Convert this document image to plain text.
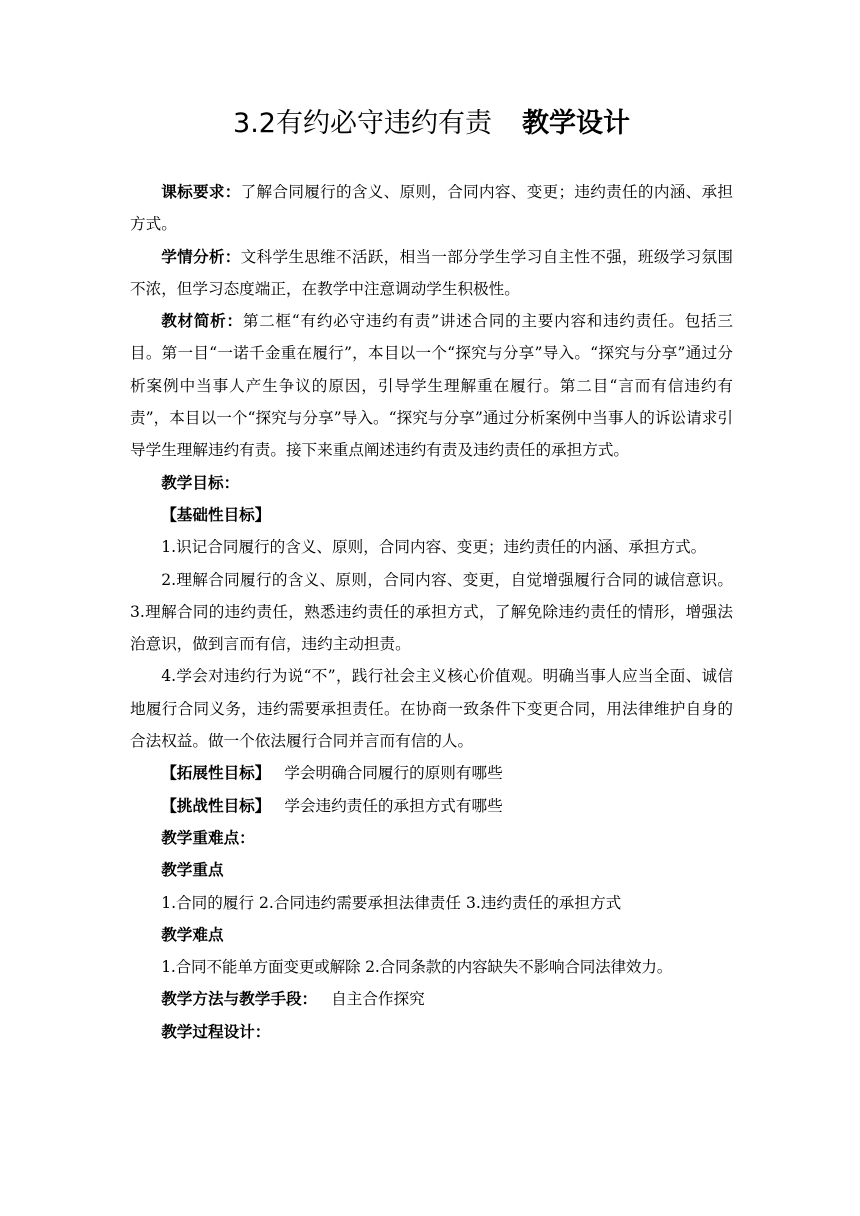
3.2有约必守违约有责 教学设计

课标要求：了解合同履行的含义、原则，合同内容、变更；违约责任的内涵、承担方式。

学情分析：文科学生思维不活跃，相当一部分学生学习自主性不强，班级学习氛围不浓，但学习态度端正，在教学中注意调动学生积极性。

教材简析：第二框“有约必守违约有责”讲述合同的主要内容和违约责任。包括三目。第一目“一诺千金重在履行”，本目以一个“探究与分享”导入。“探究与分享”通过分析案例中当事人产生争议的原因，引导学生理解重在履行。第二目“言而有信违约有责”，本目以一个“探究与分享”导入。“探究与分享”通过分析案例中当事人的诉讼请求引导学生理解违约有责。接下来重点阐述违约有责及违约责任的承担方式。

教学目标：

【基础性目标】

1.识记合同履行的含义、原则，合同内容、变更；违约责任的内涵、承担方式。

2.理解合同履行的含义、原则，合同内容、变更，自觉增强履行合同的诚信意识。3.理解合同的违约责任，熟悉违约责任的承担方式，了解免除违约责任的情形，增强法治意识，做到言而有信，违约主动担责。

4.学会对违约行为说“不”，践行社会主义核心价值观。明确当事人应当全面、诚信地履行合同义务，违约需要承担责任。在协商一致条件下变更合同，用法律维护自身的合法权益。做一个依法履行合同并言而有信的人。

【拓展性目标】 学会明确合同履行的原则有哪些

【挑战性目标】 学会违约责任的承担方式有哪些

教学重难点：

教学重点

1.合同的履行 2.合同违约需要承担法律责任 3.违约责任的承担方式

教学难点

1.合同不能单方面变更或解除 2.合同条款的内容缺失不影响合同法律效力。

教学方法与教学手段： 自主合作探究

教学过程设计：
